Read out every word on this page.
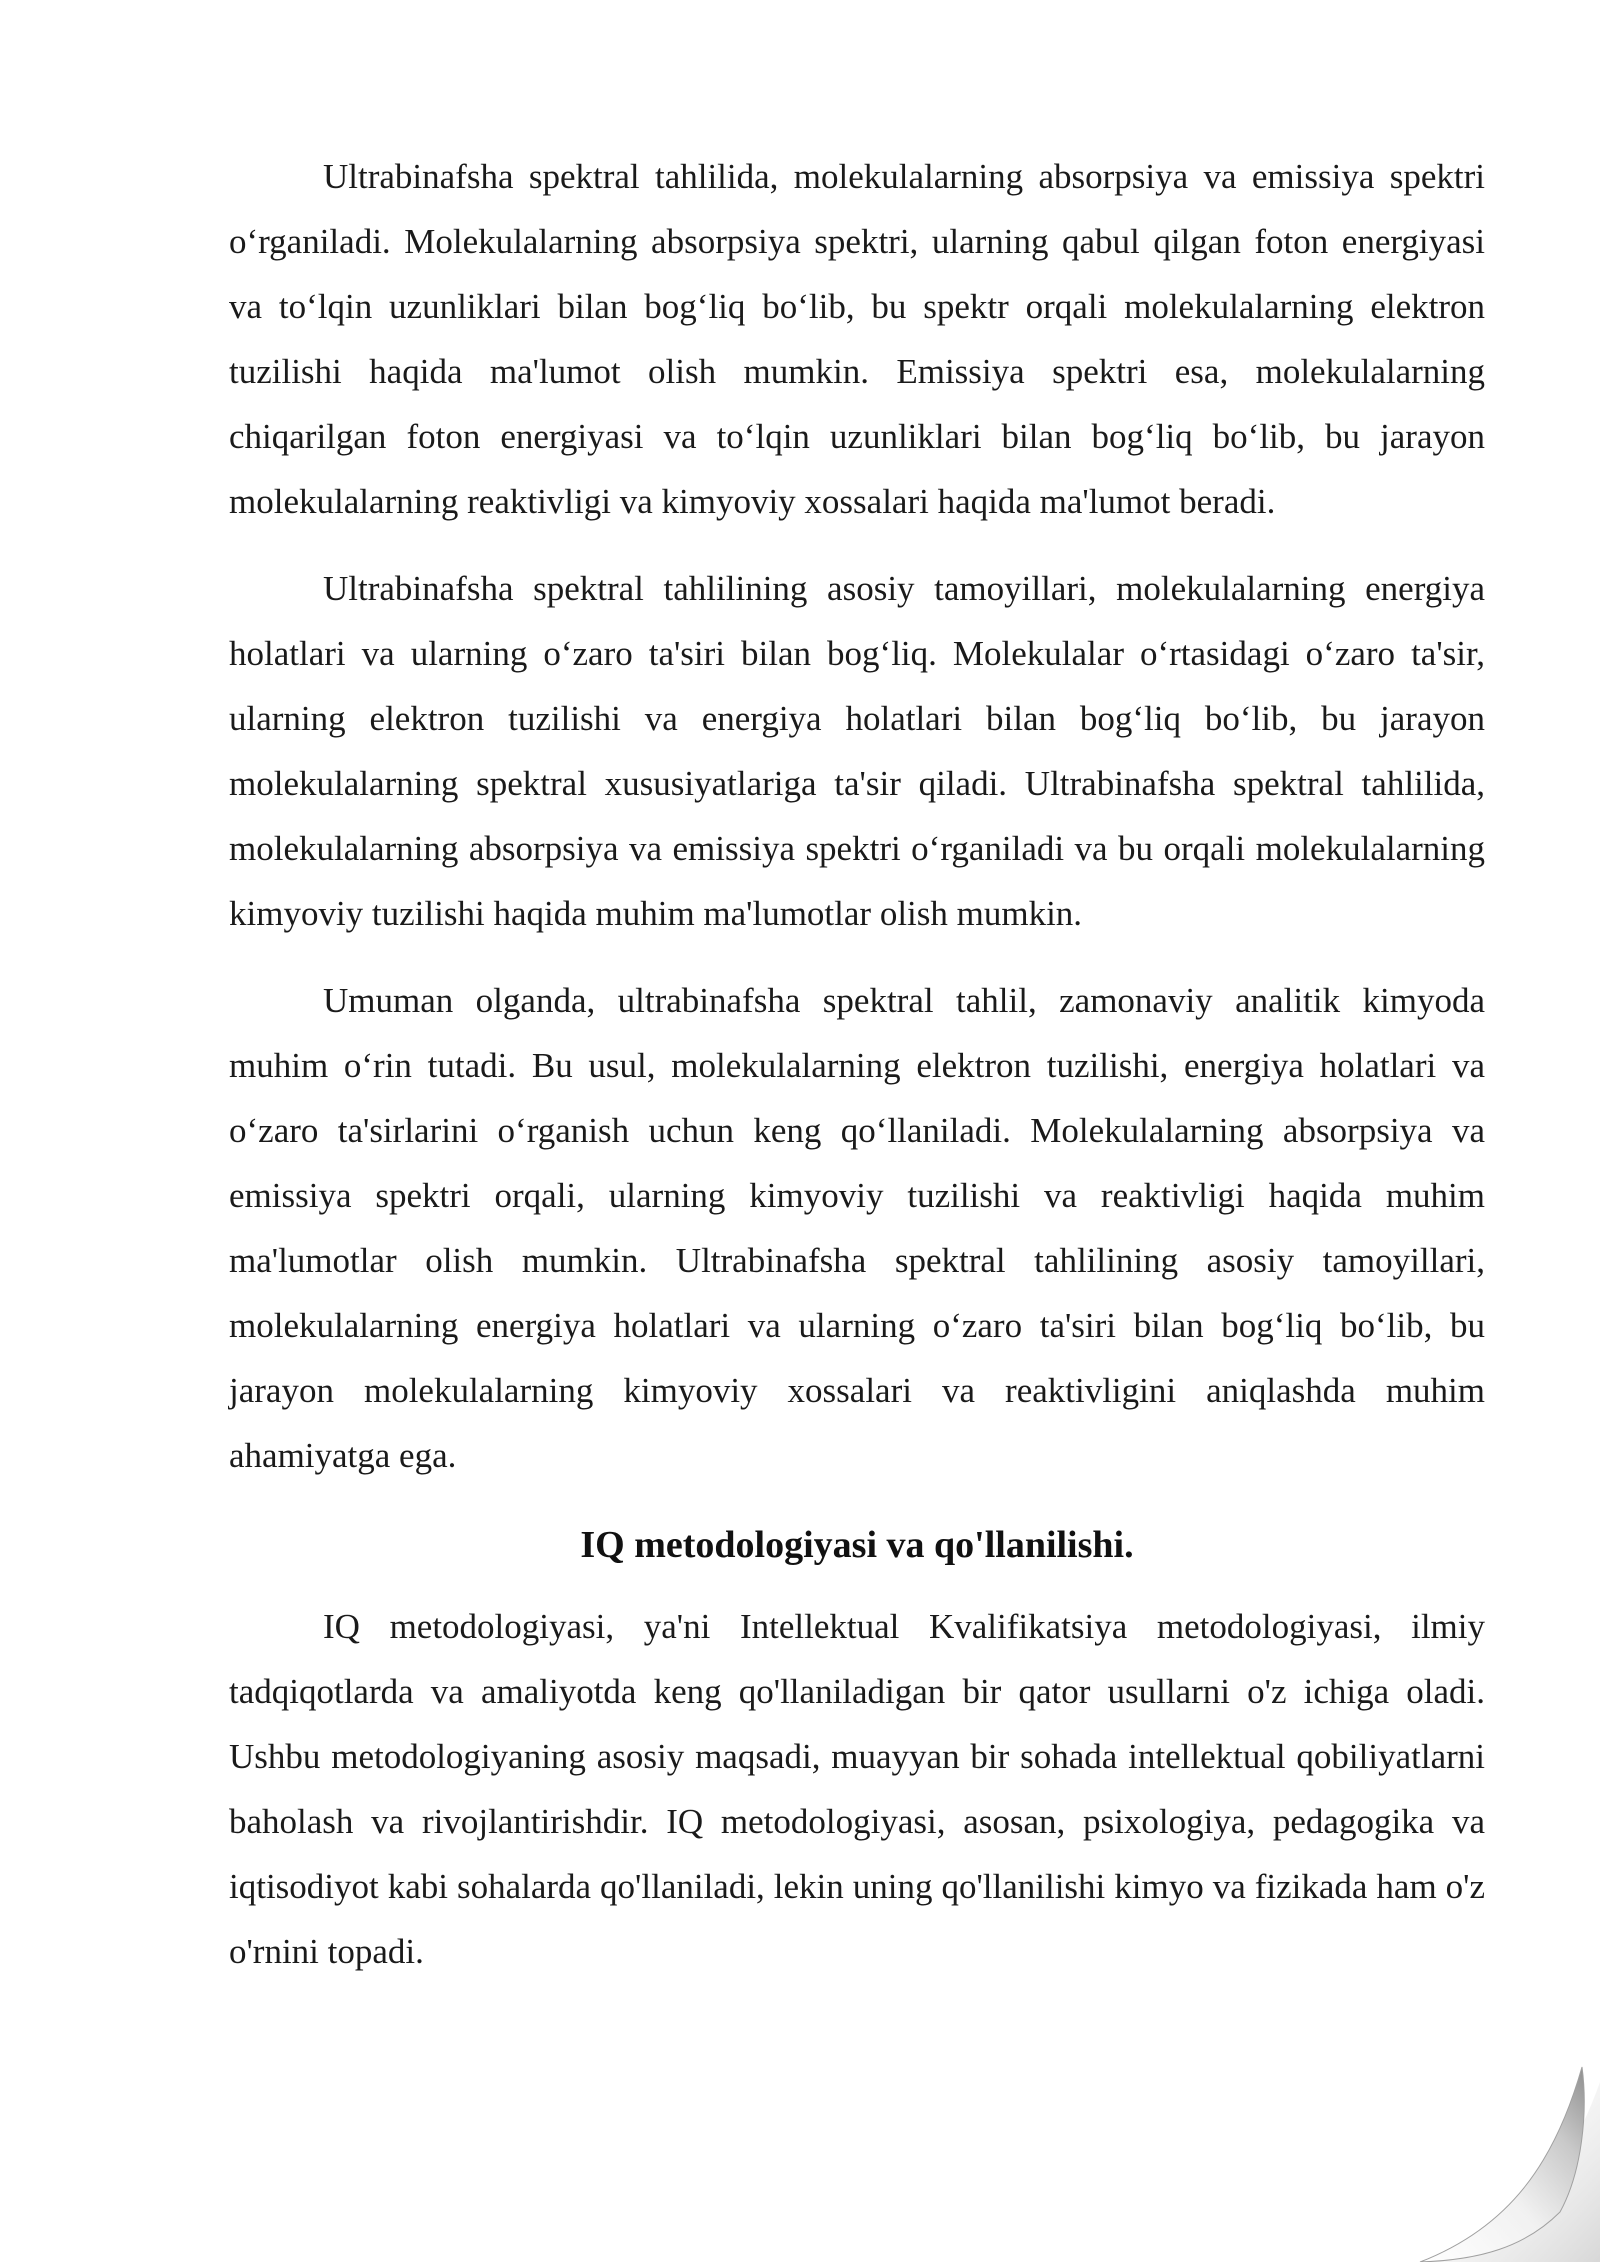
Ultrabinafsha spektral tahlilida, molekulalarning absorpsiya va emissiya spektri o‘rganiladi. Molekulalarning absorpsiya spektri, ularning qabul qilgan foton energiyasi va to‘lqin uzunliklari bilan bog‘liq bo‘lib, bu spektr orqali molekulalarning elektron tuzilishi haqida ma'lumot olish mumkin. Emissiya spektri esa, molekulalarning chiqarilgan foton energiyasi va to‘lqin uzunliklari bilan bog‘liq bo‘lib, bu jarayon molekulalarning reaktivligi va kimyoviy xossalari haqida ma'lumot beradi.

Ultrabinafsha spektral tahlilining asosiy tamoyillari, molekulalarning energiya holatlari va ularning o‘zaro ta'siri bilan bog‘liq. Molekulalar o‘rtasidagi o‘zaro ta'sir, ularning elektron tuzilishi va energiya holatlari bilan bog‘liq bo‘lib, bu jarayon molekulalarning spektral xususiyatlariga ta'sir qiladi. Ultrabinafsha spektral tahlilida, molekulalarning absorpsiya va emissiya spektri o‘rganiladi va bu orqali molekulalarning kimyoviy tuzilishi haqida muhim ma'lumotlar olish mumkin.

Umuman olganda, ultrabinafsha spektral tahlil, zamonaviy analitik kimyoda muhim o‘rin tutadi. Bu usul, molekulalarning elektron tuzilishi, energiya holatlari va o‘zaro ta'sirlarini o‘rganish uchun keng qo‘llaniladi. Molekulalarning absorpsiya va emissiya spektri orqali, ularning kimyoviy tuzilishi va reaktivligi haqida muhim ma'lumotlar olish mumkin. Ultrabinafsha spektral tahlilining asosiy tamoyillari, molekulalarning energiya holatlari va ularning o‘zaro ta'siri bilan bog‘liq bo‘lib, bu jarayon molekulalarning kimyoviy xossalari va reaktivligini aniqlashda muhim ahamiyatga ega.

IQ metodologiyasi va qo'llanilishi.

IQ metodologiyasi, ya'ni Intellektual Kvalifikatsiya metodologiyasi, ilmiy tadqiqotlarda va amaliyotda keng qo'llaniladigan bir qator usullarni o'z ichiga oladi. Ushbu metodologiyaning asosiy maqsadi, muayyan bir sohada intellektual qobiliyatlarni baholash va rivojlantirishdir. IQ metodologiyasi, asosan, psixologiya, pedagogika va iqtisodiyot kabi sohalarda qo'llaniladi, lekin uning qo'llanilishi kimyo va fizikada ham o'z o'rnini topadi.
